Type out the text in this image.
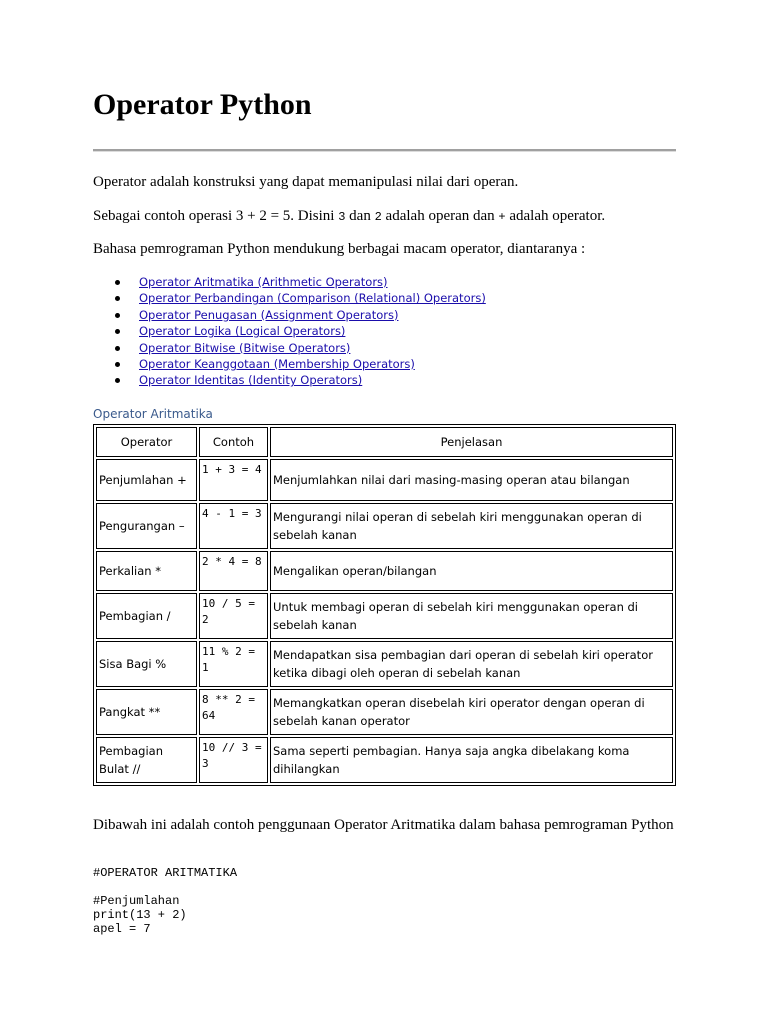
Operator Python
Operator adalah konstruksi yang dapat memanipulasi nilai dari operan.
Sebagai contoh operasi 3 + 2 = 5. Disini 3 dan 2 adalah operan dan + adalah operator.
Bahasa pemrograman Python mendukung berbagai macam operator, diantaranya :
Operator Aritmatika (Arithmetic Operators)
Operator Perbandingan (Comparison (Relational) Operators)
Operator Penugasan (Assignment Operators)
Operator Logika (Logical Operators)
Operator Bitwise (Bitwise Operators)
Operator Keanggotaan (Membership Operators)
Operator Identitas (Identity Operators)
Operator Aritmatika
Operator	Contoh	Penjelasan
Penjumlahan +	1 + 3 = 4	Menjumlahkan nilai dari masing-masing operan atau bilangan
Pengurangan –	4 - 1 = 3	Mengurangi nilai operan di sebelah kiri menggunakan operan di sebelah kanan
Perkalian *	2 * 4 = 8	Mengalikan operan/bilangan
Pembagian /	10 / 5 = 2	Untuk membagi operan di sebelah kiri menggunakan operan di sebelah kanan
Sisa Bagi %	11 % 2 = 1	Mendapatkan sisa pembagian dari operan di sebelah kiri operator ketika dibagi oleh operan di sebelah kanan
Pangkat **	8 ** 2 = 64	Memangkatkan operan disebelah kiri operator dengan operan di sebelah kanan operator
Pembagian Bulat //	10 // 3 = 3	Sama seperti pembagian. Hanya saja angka dibelakang koma dihilangkan
Dibawah ini adalah contoh penggunaan Operator Aritmatika dalam bahasa pemrograman Python
#OPERATOR ARITMATIKA

#Penjumlahan
print(13 + 2)
apel = 7
